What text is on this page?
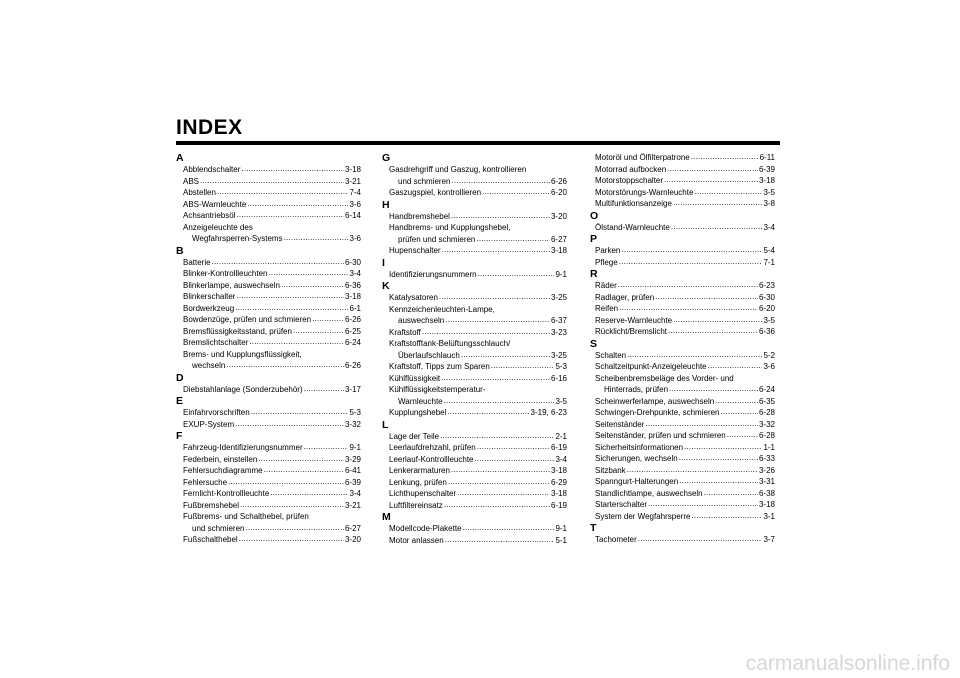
INDEX
A
Abblendschalter .....	3-18
ABS .....	3-21
Abstellen .....	7-4
ABS-Warnleuchte .....	3-6
Achsantriebsöl .....	6-14
Anzeigeleuchte des
Wegfahrsperren-Systems .....	3-6
B
Batterie .....	6-30
Blinker-Kontrollleuchten .....	3-4
Blinkerlampe, auswechseln .....	6-36
Blinkerschalter .....	3-18
Bordwerkzeug .....	6-1
Bowdenzüge, prüfen und schmieren .....	6-26
Bremsflüssigkeitsstand, prüfen .....	6-25
Bremslichtschalter .....	6-24
Brems- und Kupplungsflüssigkeit,
wechseln .....	6-26
D
Diebstahlanlage (Sonderzubehör) .....	3-17
E
Einfahrvorschriften .....	5-3
EXUP-System .....	3-32
F
Fahrzeug-Identifizierungsnummer .....	9-1
Federbein, einstellen .....	3-29
Fehlersuchdiagramme .....	6-41
Fehlersuche .....	6-39
Fernlicht-Kontrollleuchte .....	3-4
Fußbremshebel .....	3-21
Fußbrems- und Schalthebel, prüfen
und schmieren .....	6-27
Fußschalthebel .....	3-20
G
Gasdrehgriff und Gaszug, kontrollieren
und schmieren .....	6-26
Gaszugspiel, kontrollieren .....	6-20
H
Handbremshebel .....	3-20
Handbrems- und Kupplungshebel,
prüfen und schmieren .....	6-27
Hupenschalter .....	3-18
I
Identifizierungsnummern .....	9-1
K
Katalysatoren .....	3-25
Kennzeichenleuchten-Lampe,
auswechseln .....	6-37
Kraftstoff .....	3-23
Kraftstofftank-Belüftungsschlauch/
Überlaufschlauch .....	3-25
Kraftstoff, Tipps zum Sparen .....	5-3
Kühlflüssigkeit .....	6-16
Kühlflüssigkeitstemperatur-
Warnleuchte .....	3-5
Kupplungshebel .....	3-19, 6-23
L
Lage der Teile .....	2-1
Leerlaufdrehzahl, prüfen .....	6-19
Leerlauf-Kontrollleuchte .....	3-4
Lenkerarmaturen .....	3-18
Lenkung, prüfen .....	6-29
Lichthupenschalter .....	3-18
Luftfiltereinsatz .....	6-19
M
Modellcode-Plakette .....	9-1
Motor anlassen .....	5-1
Motoröl und Ölfilterpatrone .....	6-11
Motorrad aufbocken .....	6-39
Motorstoppschalter .....	3-18
Motorstörungs-Warnleuchte .....	3-5
Multifunktionsanzeige .....	3-8
O
Ölstand-Warnleuchte .....	3-4
P
Parken .....	5-4
Pflege .....	7-1
R
Räder .....	6-23
Radlager, prüfen .....	6-30
Reifen .....	6-20
Reserve-Warnleuchte .....	3-5
Rücklicht/Bremslicht .....	6-36
S
Schalten .....	5-2
Schaltzeitpunkt-Anzeigeleuchte .....	3-6
Scheibenbremsbeläge des Vorder- und
Hinterrads, prüfen .....	6-24
Scheinwerferlampe, auswechseln .....	6-35
Schwingen-Drehpunkte, schmieren .....	6-28
Seitenständer .....	3-32
Seitenständer, prüfen und schmieren .....	6-28
Sicherheitsinformationen .....	1-1
Sicherungen, wechseln .....	6-33
Sitzbank .....	3-26
Spanngurt-Halterungen .....	3-31
Standlichtlampe, auswechseln .....	6-38
Starterschalter .....	3-18
System der Wegfahrsperre .....	3-1
T
Tachometer .....	3-7
carmanualsonline.info
